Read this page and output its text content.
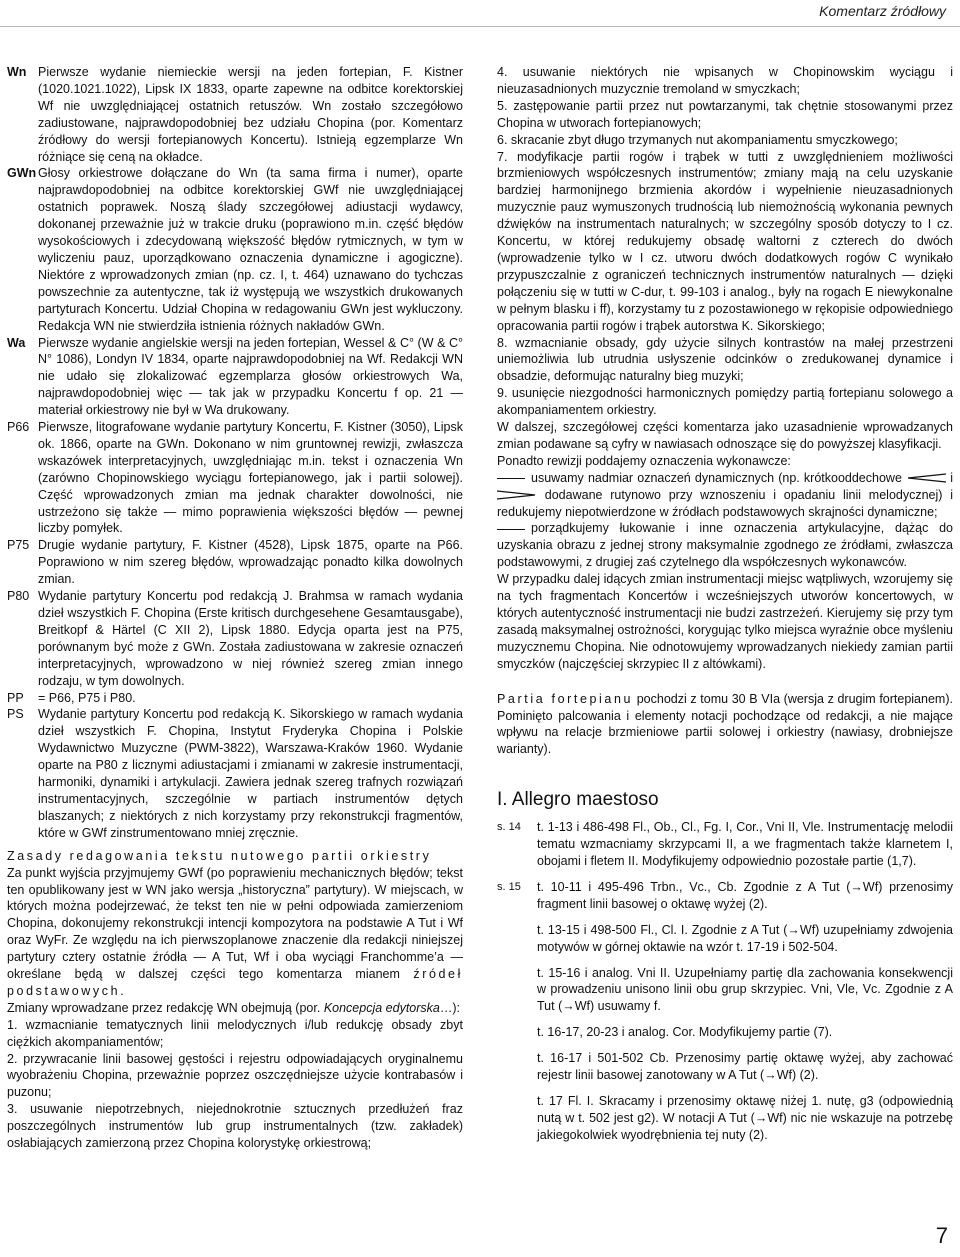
Komentarz źródłowy
Wn Pierwsze wydanie niemieckie wersji na jeden fortepian, F. Kistner (1020.1021.1022), Lipsk IX 1833, oparte zapewne na odbitce korektorskiej Wf nie uwzględniającej ostatnich retuszów. Wn zostało szczegółowo zadiustowane, najprawdopodobniej bez udziału Chopina (por. Komentarz źródłowy do wersji fortepianowych Koncertu). Istnieją egzemplarze Wn różniące się ceną na okładce.
GWn Głosy orkiestrowe dołączane do Wn (ta sama firma i numer), oparte najprawdopodobniej na odbitce korektorskiej GWf nie uwzględniającej ostatnich poprawek. Noszą ślady szczegółowej adiustacji wydawcy, dokonanej przeważnie już w trakcie druku (poprawiono m.in. część błędów wysokościowych i zdecydowaną większość błędów rytmicznych, w tym w wyliczeniu pauz, uporządkowano oznaczenia dynamiczne i agogiczne). Niektóre z wprowadzonych zmian (np. cz. I, t. 464) uznawano do tychczas powszechnie za autentyczne, tak iż występują we wszystkich drukowanych partyturach Koncertu. Udział Chopina w redagowaniu GWn jest wykluczony. Redakcja WN nie stwierdziła istnienia różnych nakładów GWn.
Wa	Pierwsze wydanie angielskie wersji na jeden fortepian, Wessel & C° (W & C° N° 1086), Londyn IV 1834, oparte najprawdopodobniej na Wf. Redakcji WN nie udało się zlokalizować egzemplarza głosów orkiestrowych Wa, najprawdopodobniej więc — tak jak w przypadku Koncertu f op. 21 — materiał orkiestrowy nie był w Wa drukowany.
P66 Pierwsze, litografowane wydanie partytury Koncertu, F. Kistner (3050), Lipsk ok. 1866, oparte na GWn. Dokonano w nim gruntownej rewizji, zwłaszcza wskazówek interpretacyjnych, uwzględniając m.in. tekst i oznaczenia Wn (zarówno Chopinowskiego wyciągu fortepianowego, jak i partii solowej). Część wprowadzonych zmian ma jednak charakter dowolności, nie ustrzeżono się także — mimo poprawienia większości błędów — pewnej liczby pomyłek.
P75 Drugie wydanie partytury, F. Kistner (4528), Lipsk 1875, oparte na P66. Poprawiono w nim szereg błędów, wprowadzając ponadto kilka dowolnych zmian.
P80 Wydanie partytury Koncertu pod redakcją J. Brahmsa w ramach wydania dzieł wszystkich F. Chopina (Erste kritisch durchgesehene Gesamtausgabe), Breitkopf & Härtel (C XII 2), Lipsk 1880. Edycja oparta jest na P75, porównanym być może z GWn. Została zadiustowana w zakresie oznaczeń interpretacyjnych, wprowadzono w niej również szereg zmian innego rodzaju, w tym dowolnych.
PP	= P66, P75 i P80.
PS	Wydanie partytury Koncertu pod redakcją K. Sikorskiego w ramach wydania dzieł wszystkich F. Chopina, Instytut Fryderyka Chopina i Polskie Wydawnictwo Muzyczne (PWM-3822), Warszawa-Kraków 1960. Wydanie oparte na P80 z licznymi adiustacjami i zmianami w zakresie instrumentacji, harmoniki, dynamiki i artykulacji. Zawiera jednak szereg trafnych rozwiązań instrumentacyjnych, szczególnie w partiach instrumentów dętych blaszanych; z niektórych z nich korzystamy przy rekonstrukcji fragmentów, które w GWf zinstrumentowano mniej zręcznie.

Zasady redagowania tekstu nutowego partii orkiestry

Za punkt wyjścia przyjmujemy GWf (po poprawieniu mechanicznych błędów; tekst ten opublikowany jest w WN jako wersja „historyczna” partytury). W miejscach, w których można podejrzewać, że tekst ten nie w pełni odpowiada zamierzeniom Chopina, dokonujemy rekonstrukcji intencji kompozytora na podstawie A Tut i Wf oraz WyFr. Ze względu na ich pierwszoplanowe znaczenie dla redakcji niniejszej partytury cztery ostatnie źródła — A Tut, Wf i oba wyciągi Franchomme’a — określane będą w dalszej części tego komentarza mianem źródeł podstawowych.

Zmiany wprowadzane przez redakcję WN obejmują (por. Koncepcja edytorska…):

1. wzmacnianie tematycznych linii melodycznych i/lub redukcję obsady zbyt ciężkich akompaniamentów;

2. przywracanie linii basowej gęstości i rejestru odpowiadających oryginalnemu wyobrażeniu Chopina, przeważnie poprzez oszczędniejsze użycie kontrabasów i puzonu;

3. usuwanie niepotrzebnych, niejednokrotnie sztucznych przedłużeń fraz poszczególnych instrumentów lub grup instrumentalnych (tzw. zakładek) osłabiających zamierzoną przez Chopina kolorystykę orkiestrową;

4. usuwanie niektórych nie wpisanych w Chopinowskim wyciągu i nieuzasadnionych muzycznie tremoland w smyczkach;

5. zastępowanie partii przez nut powtarzanymi, tak chętnie stosowanymi przez Chopina w utworach fortepianowych;

6. skracanie zbyt długo trzymanych nut akompaniamentu smyczkowego;

7. modyfikacje partii rogów i trąbek w tutti z uwzględnieniem możliwości brzmieniowych współczesnych instrumentów; zmiany mają na celu uzyskanie bardziej harmonijnego brzmienia akordów i wypełnienie nieuzasadnionych muzycznie pauz wymuszonych trudnością lub niemożnością wykonania pewnych dźwięków na instrumentach naturalnych; w szczególny sposób dotyczy to I cz. Koncertu, w której redukujemy obsadę waltorni z czterech do dwóch (wprowadzenie tylko w I cz. utworu dwóch dodatkowych rogów C wynikało przypuszczalnie z ograniczeń technicznych instrumentów naturalnych — dzięki połączeniu się w tutti w C-dur, t. 99-103 i analog., były na rogach E niewykonalne w pełnym blasku i ff), korzystamy tu z pozostawionego w rękopisie odpowiedniego opracowania partii rogów i trąbek autorstwa K. Sikorskiego;

8. wzmacnianie obsady, gdy użycie silnych kontrastów na małej przestrzeni uniemożliwia lub utrudnia usłyszenie odcinków o zredukowanej dynamice i obsadzie, deformując naturalny bieg muzyki;

9. usunięcie niezgodności harmonicznych pomiędzy partią fortepianu solowego a akompaniamentem orkiestry.

W dalszej, szczegółowej części komentarza jako uzasadnienie wprowadzanych zmian podawane są cyfry w nawiasach odnoszące się do powyższej klasyfikacji.

Ponadto rewizji poddajemy oznaczenia wykonawcze:

usuwamy nadmiar oznaczeń dynamicznych (np. krótkooddechowe	i  dodawane rutynowo przy wznoszeniu i opadaniu linii melodycznej) i redukujemy niepotwierdzone w źródłach podstawowych skrajności dynamiczne;

porządkujemy łukowanie i inne oznaczenia artykulacyjne, dążąc do uzyskania obrazu z jednej strony maksymalnie zgodnego ze źródłami, zwłaszcza podstawowymi, z drugiej zaś czytelnego dla współczesnych wykonawców.

W przypadku dalej idących zmian instrumentacji miejsc wątpliwych, wzorujemy się na tych fragmentach Koncertów i wcześniejszych utworów koncertowych, w których autentyczność instrumentacji nie budzi zastrzeżeń. Kierujemy się przy tym zasadą maksymalnej ostrożności, korygując tylko miejsca wyraźnie obce myśleniu muzycznemu Chopina. Nie odnotowujemy wprowadzanych niekiedy zamian partii smyczków (najczęściej skrzypiec II z altówkami).

Partia fortepianu pochodzi z tomu 30 B VIa (wersja z drugim fortepianem). Pominięto palcowania i elementy notacji pochodzące od redakcji, a nie mające wpływu na relacje brzmieniowe partii solowej i orkiestry (nawiasy, drobniejsze warianty).

I. Allegro maestoso
s. 14	t. 1-13 i 486-498 Fl., Ob., Cl., Fg. I, Cor., Vni II, Vle. Instrumentację melodii tematu wzmacniamy skrzypcami II, a we fragmentach także klarnetem I, obojami i fletem II. Modyfikujemy odpowiednio pozostałe partie (1,7).
s. 15	t. 10-11 i 495-496 Trbn., Vc., Cb. Zgodnie z A Tut (→Wf) przenosimy fragment linii basowej o oktawę wyżej (2).
t. 13-15 i 498-500 Fl., Cl. I. Zgodnie z A Tut (→Wf) uzupełniamy zdwojenia motywów w górnej oktawie na wzór t. 17-19 i 502-504.
t. 15-16 i analog. Vni II. Uzupełniamy partię dla zachowania konsekwencji w prowadzeniu unisono linii obu grup skrzypiec. Vni, Vle, Vc. Zgodnie z A Tut (→Wf) usuwamy f.
t. 16-17, 20-23 i analog. Cor. Modyfikujemy partie (7).
t. 16-17 i 501-502 Cb. Przenosimy partię oktawę wyżej, aby zachować rejestr linii basowej zanotowany w A Tut (→Wf) (2).
t. 17 Fl. I. Skracamy i przenosimy oktawę niżej 1. nutę, g3 (odpowiednią nutą w t. 502 jest g2). W notacji A Tut (→Wf) nic nie wskazuje na potrzebę jakiegokolwiek wyodrębnienia tej nuty (2).
7
